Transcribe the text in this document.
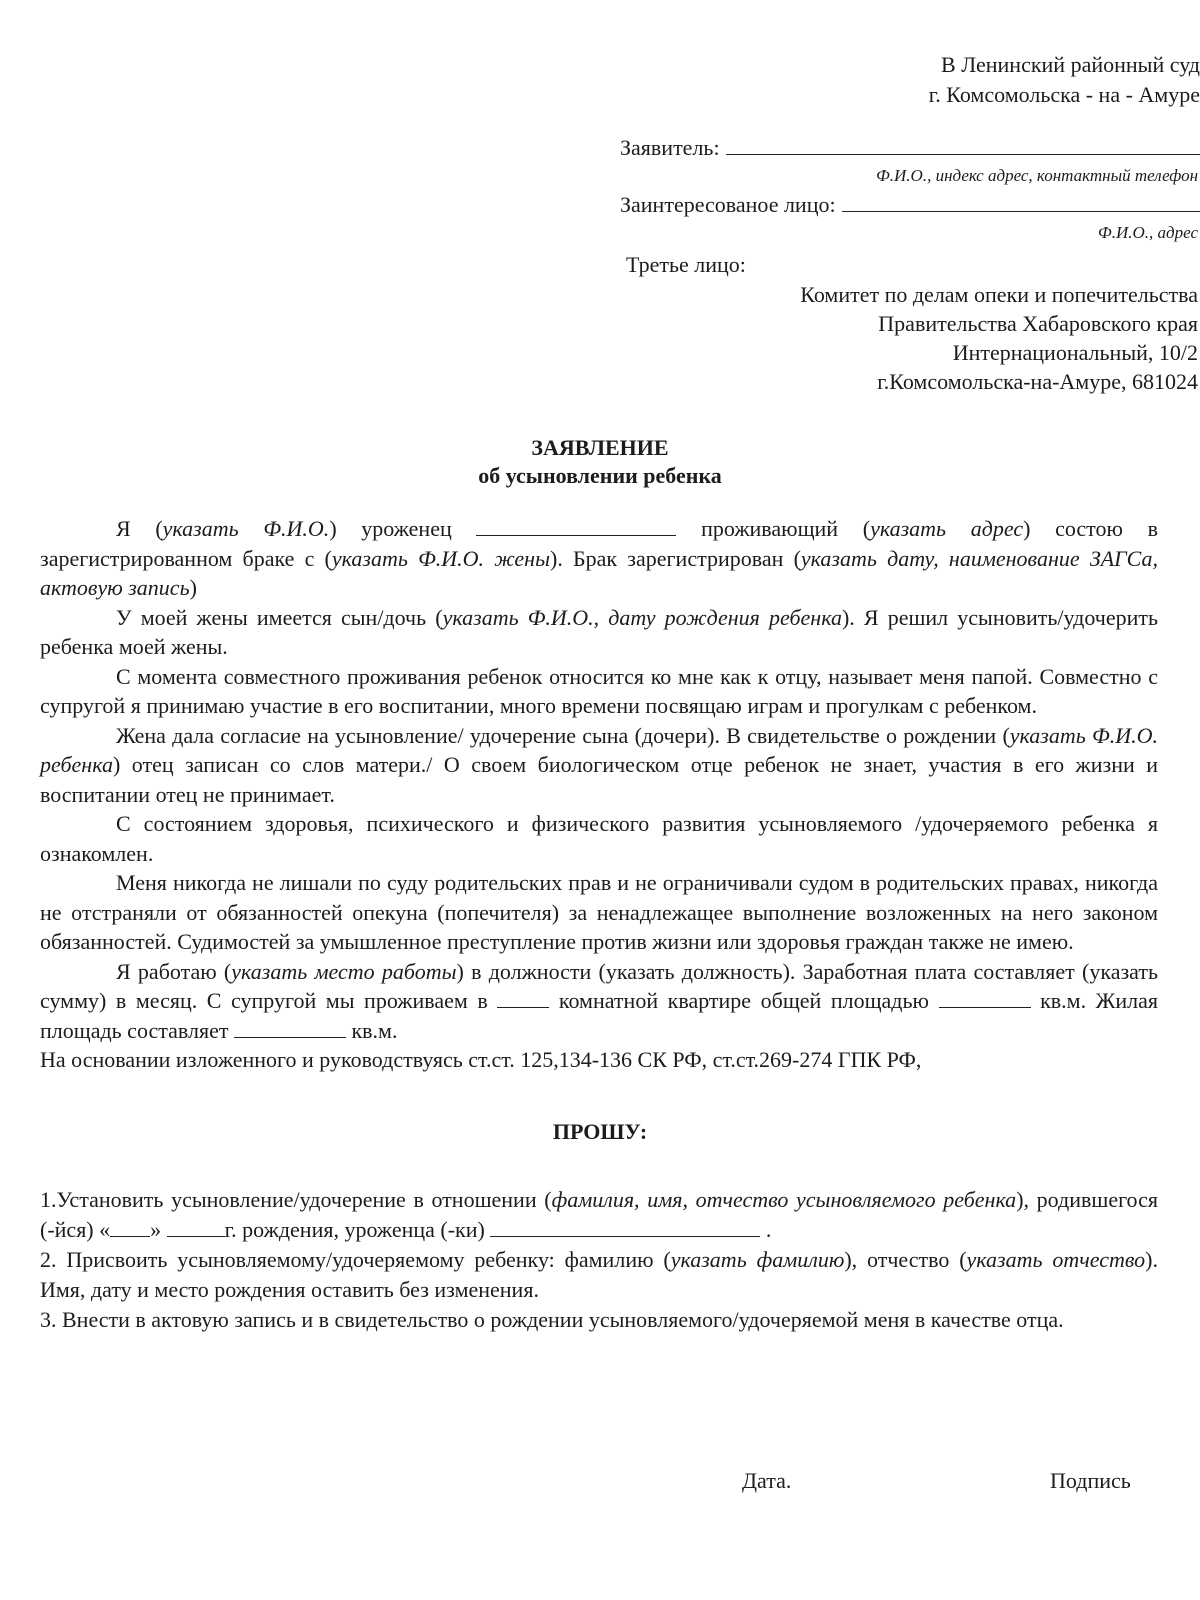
В Ленинский районный суд
г. Комсомольска - на - Амуре
Заявитель:
Ф.И.О., индекс адрес, контактный телефон
Заинтересованое лицо:
Ф.И.О., адрес
Третье лицо:
Комитет по делам опеки и попечительства
Правительства Хабаровского края
Интернациональный, 10/2
г.Комсомольска-на-Амуре, 681024
ЗАЯВЛЕНИЕ
об усыновлении ребенка

Я (указать Ф.И.О.) уроженец	проживающий (указать адрес) состою в зарегистрированном браке с (указать Ф.И.О. жены). Брак зарегистрирован (указать дату, наименование ЗАГСа, актовую запись)

У моей жены имеется сын/дочь (указать Ф.И.О., дату рождения ребенка). Я решил усыновить/удочерить ребенка моей жены.

С момента совместного проживания ребенок относится ко мне как к отцу, называет меня папой. Совместно с супругой я принимаю участие в его воспитании, много времени посвящаю играм и прогулкам с ребенком.

Жена дала согласие на усыновление/ удочерение сына (дочери). В свидетельстве о рождении (указать Ф.И.О. ребенка) отец записан со слов матери./ О своем биологическом отце ребенок не знает, участия в его жизни и воспитании отец не принимает.

С состоянием здоровья, психического и физического развития усыновляемого /удочеряемого ребенка я ознакомлен.

Меня никогда не лишали по суду родительских прав и не ограничивали судом в родительских правах, никогда не отстраняли от обязанностей опекуна (попечителя) за ненадлежащее выполнение возложенных на него законом обязанностей. Судимостей за умышленное преступление против жизни или здоровья граждан также не имею.

Я работаю (указать место работы) в должности (указать должность). Заработная плата составляет (указать сумму) в месяц. С супругой мы проживаем в	комнатной квартире общей площадью	кв.м. Жилая площадь составляет	кв.м.

На основании изложенного и руководствуясь ст.ст. 125,134-136 СК РФ, ст.ст.269-274 ГПК РФ,

ПРОШУ:

1.Установить усыновление/удочерение в отношении (фамилия, имя, отчество усыновляемого ребенка), родившегося (-йся) « »	г. рождения, уроженца (-ки)	.

2. Присвоить усыновляемому/удочеряемому ребенку: фамилию (указать фамилию), отчество (указать отчество). Имя, дату и место рождения оставить без изменения.

3. Внести в актовую запись и в свидетельство о рождении усыновляемого/удочеряемой меня в качестве отца.

Дата.	Подпись
